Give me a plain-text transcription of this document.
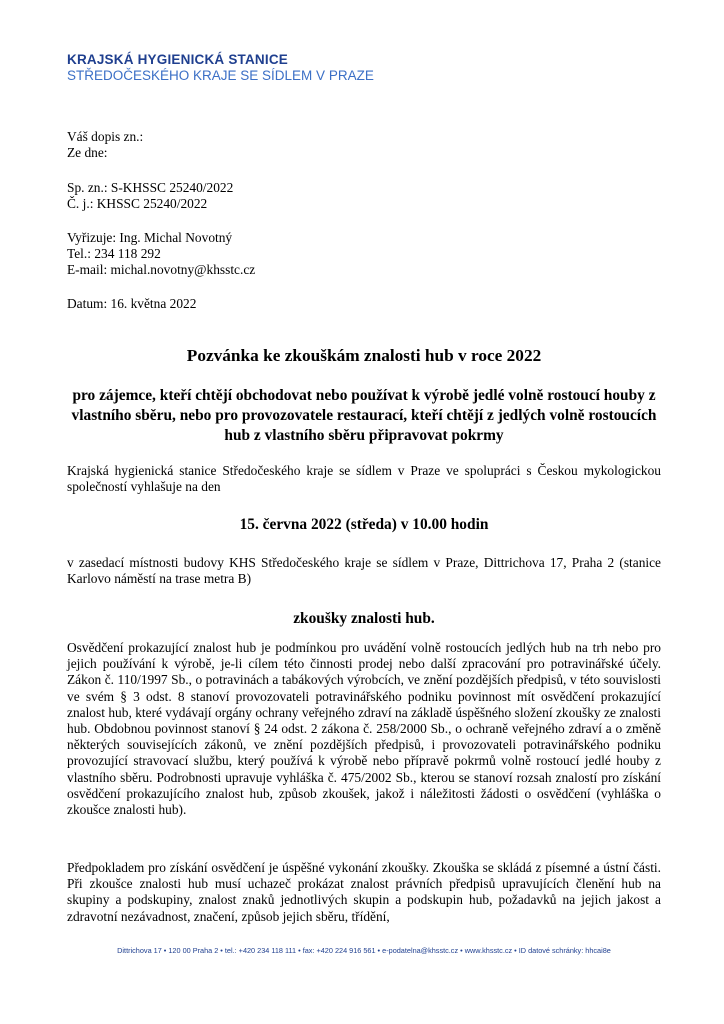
KRAJSKÁ HYGIENICKÁ STANICE
STŘEDOČESKÉHO KRAJE SE SÍDLEM V PRAZE
Váš dopis zn.:
Ze dne:
Sp. zn.: S-KHSSC 25240/2022
Č. j.: KHSSC 25240/2022
Vyřizuje: Ing. Michal Novotný
Tel.: 234 118 292
E-mail: michal.novotny@khsstc.cz
Datum: 16. května 2022
Pozvánka ke zkouškám znalosti hub v roce 2022
pro zájemce, kteří chtějí obchodovat nebo používat k výrobě jedlé volně rostoucí houby z vlastního sběru, nebo pro provozovatele restaurací, kteří chtějí z jedlých volně rostoucích hub z vlastního sběru připravovat pokrmy
Krajská hygienická stanice Středočeského kraje se sídlem v Praze ve spolupráci s Českou mykologickou společností vyhlašuje na den
15. června 2022 (středa) v 10.00 hodin
v zasedací místnosti budovy KHS Středočeského kraje se sídlem v Praze, Dittrichova 17, Praha 2 (stanice Karlovo náměstí na trase metra B)
zkoušky znalosti hub.
Osvědčení prokazující znalost hub je podmínkou pro uvádění volně rostoucích jedlých hub na trh nebo pro jejich používání k výrobě, je-li cílem této činnosti prodej nebo další zpracování pro potravinářské účely. Zákon č. 110/1997 Sb., o potravinách a tabákových výrobcích, ve znění pozdějších předpisů, v této souvislosti ve svém § 3 odst. 8 stanoví provozovateli potravinářského podniku povinnost mít osvědčení prokazující znalost hub, které vydávají orgány ochrany veřejného zdraví na základě úspěšného složení zkoušky ze znalosti hub. Obdobnou povinnost stanoví § 24 odst. 2 zákona č. 258/2000 Sb., o ochraně veřejného zdraví a o změně některých souvisejících zákonů, ve znění pozdějších předpisů, i provozovateli potravinářského podniku provozující stravovací službu, který používá k výrobě nebo přípravě pokrmů volně rostoucí jedlé houby z vlastního sběru. Podrobnosti upravuje vyhláška č. 475/2002 Sb., kterou se stanoví rozsah znalostí pro získání osvědčení prokazujícího znalost hub, způsob zkoušek, jakož i náležitosti žádosti o osvědčení (vyhláška o zkoušce znalosti hub).
Předpokladem pro získání osvědčení je úspěšné vykonání zkoušky. Zkouška se skládá z písemné a ústní části. Při zkoušce znalosti hub musí uchazeč prokázat znalost právních předpisů upravujících členění hub na skupiny a podskupiny, znalost znaků jednotlivých skupin a podskupin hub, požadavků na jejich jakost a zdravotní nezávadnost, značení, způsob jejich sběru, třídění,
Dittrichova 17 • 120 00 Praha 2 • tel.: +420 234 118 111 • fax: +420 224 916 561 • e-podatelna@khsstc.cz • www.khsstc.cz • ID datové schránky: hhcai8e
